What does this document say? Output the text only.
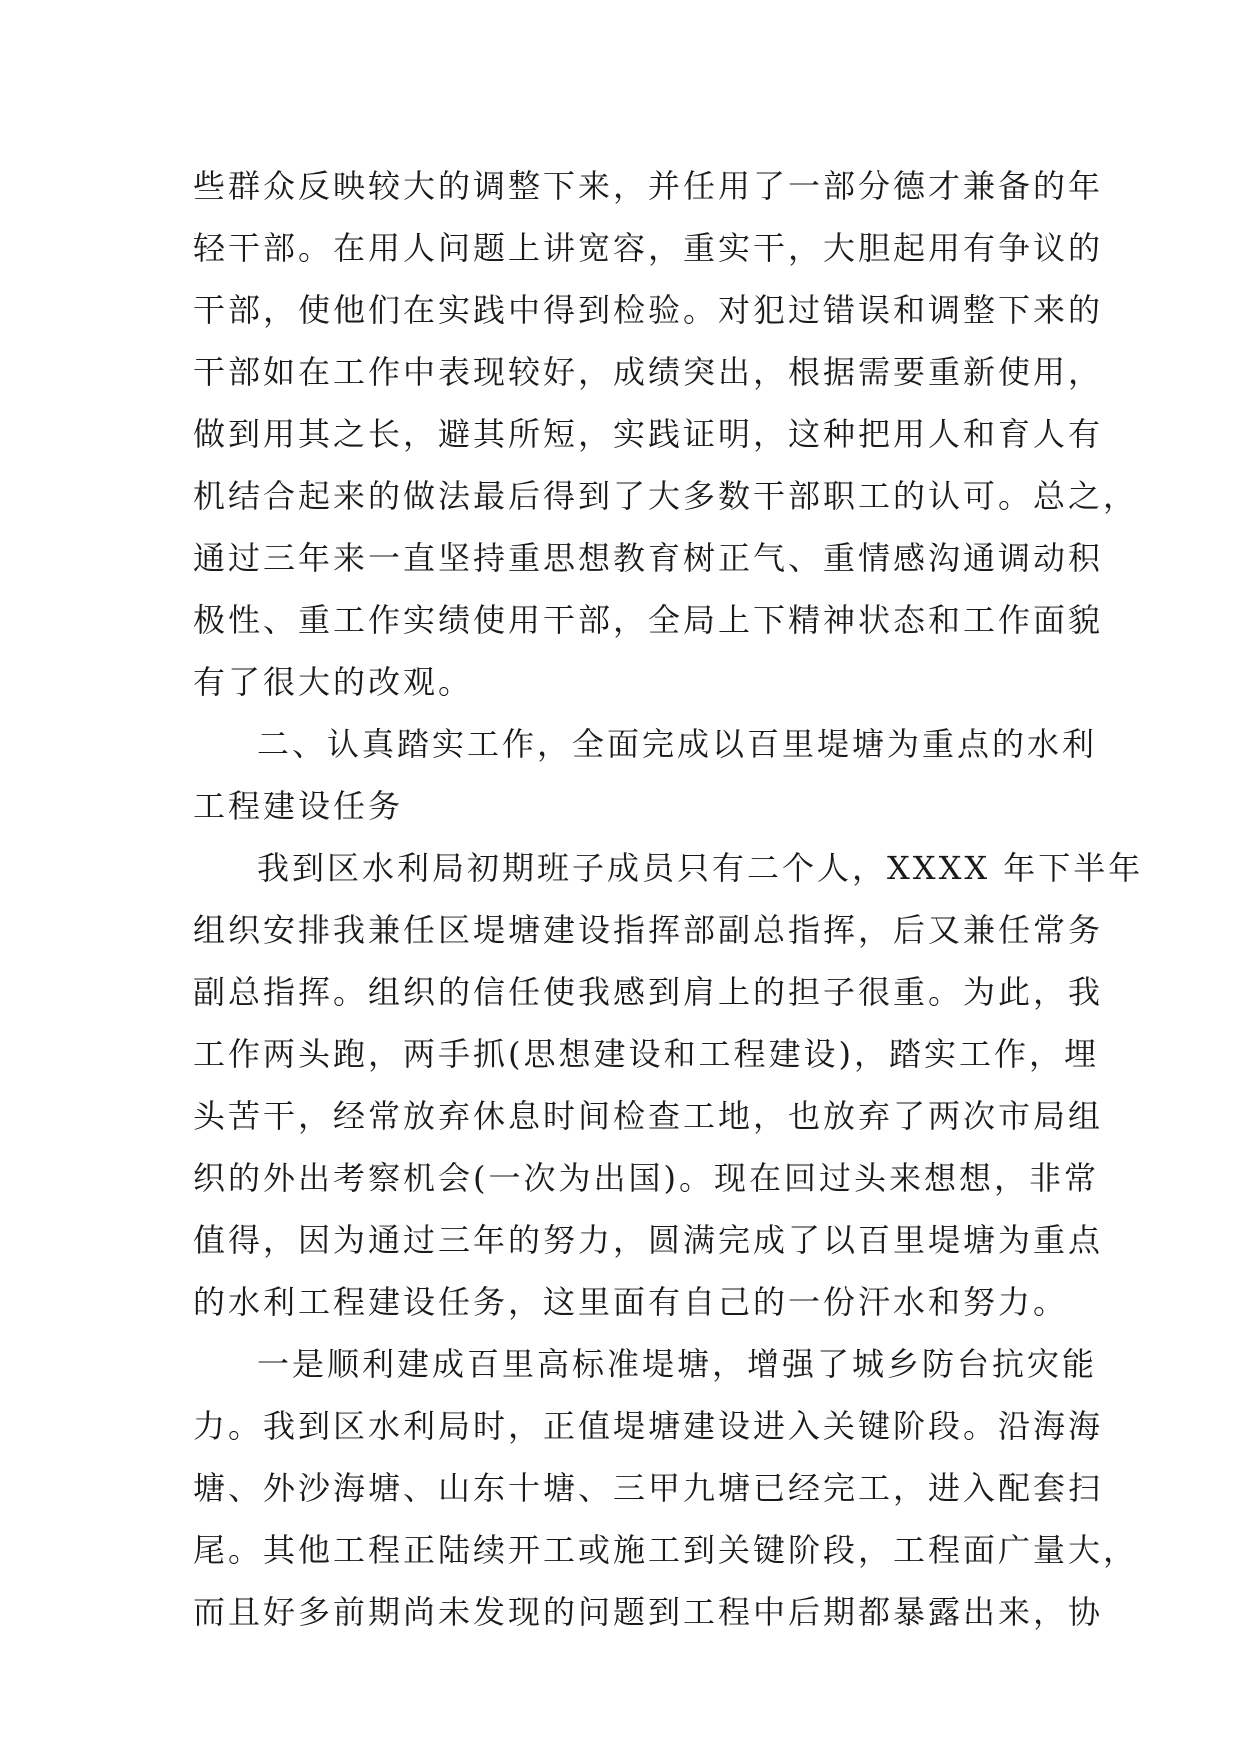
些群众反映较大的调整下来，并任用了一部分德才兼备的年
轻干部。在用人问题上讲宽容，重实干，大胆起用有争议的
干部，使他们在实践中得到检验。对犯过错误和调整下来的
干部如在工作中表现较好，成绩突出，根据需要重新使用，
做到用其之长，避其所短，实践证明，这种把用人和育人有
机结合起来的做法最后得到了大多数干部职工的认可。总之，
通过三年来一直坚持重思想教育树正气、重情感沟通调动积
极性、重工作实绩使用干部，全局上下精神状态和工作面貌
有了很大的改观。
二、认真踏实工作，全面完成以百里堤塘为重点的水利
工程建设任务
我到区水利局初期班子成员只有二个人，XXXX 年下半年
组织安排我兼任区堤塘建设指挥部副总指挥，后又兼任常务
副总指挥。组织的信任使我感到肩上的担子很重。为此，我
工作两头跑，两手抓(思想建设和工程建设)，踏实工作，埋
头苦干，经常放弃休息时间检查工地，也放弃了两次市局组
织的外出考察机会(一次为出国)。现在回过头来想想，非常
值得，因为通过三年的努力，圆满完成了以百里堤塘为重点
的水利工程建设任务，这里面有自己的一份汗水和努力。
一是顺利建成百里高标准堤塘，增强了城乡防台抗灾能
力。我到区水利局时，正值堤塘建设进入关键阶段。沿海海
塘、外沙海塘、山东十塘、三甲九塘已经完工，进入配套扫
尾。其他工程正陆续开工或施工到关键阶段，工程面广量大，
而且好多前期尚未发现的问题到工程中后期都暴露出来，协
